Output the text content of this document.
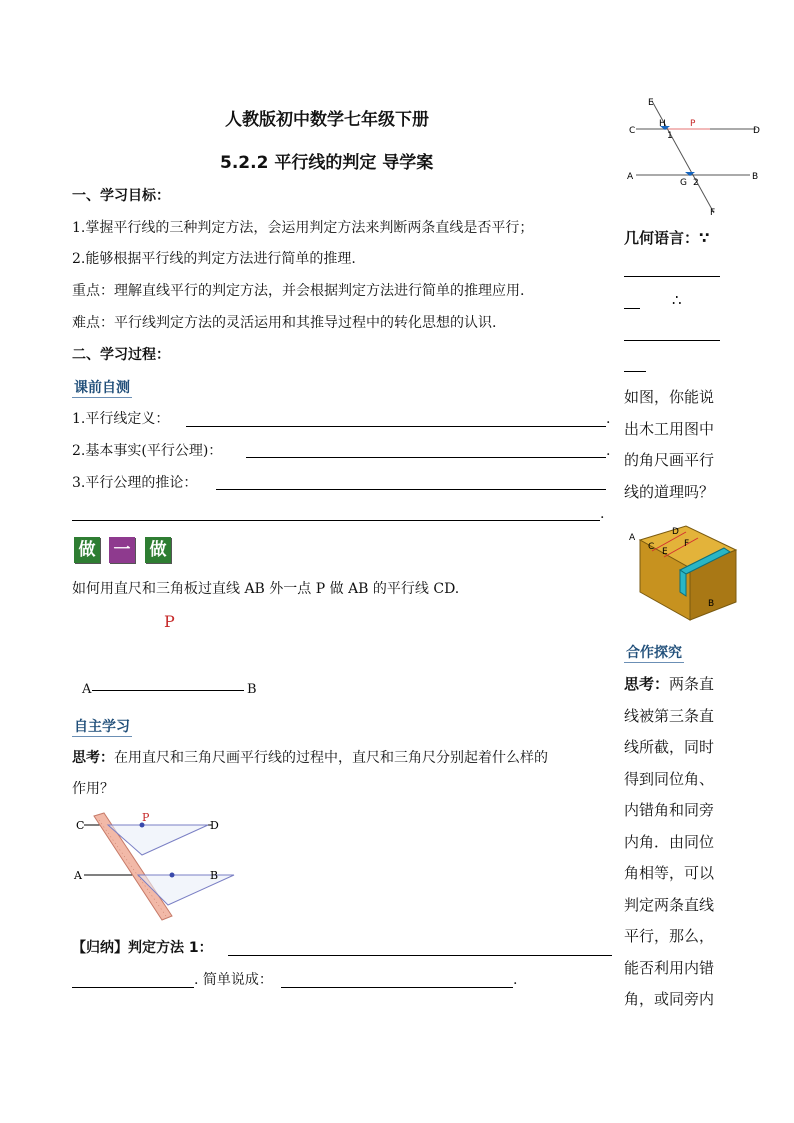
人教版初中数学七年级下册
5.2.2 平行线的判定 导学案
一、学习目标：
1.掌握平行线的三种判定方法，会运用判定方法来判断两条直线是否平行；
2.能够根据平行线的判定方法进行简单的推理.
重点：理解直线平行的判定方法，并会根据判定方法进行简单的推理应用.
难点：平行线判定方法的灵活运用和其推导过程中的转化思想的认识.
二、学习过程：
课前自测
1.平行线定义：	.
2.基本事实(平行公理)：	.
3.平行公理的推论：
.
做 一 做
如何用直尺和三角板过直线 AB 外一点 P 做 AB 的平行线 CD.
P
A	B
自主学习
思考：在用直尺和三角尺画平行线的过程中，直尺和三角尺分别起着什么样的
作用？
C
P
D
A	B
【归纳】判定方法 1：
. 简单说成：	.
E
H
1
P
C	D
A
G 2
B
F
几何语言：∵
∴
如图，你能说出木工用图中的角尺画平行线的道理吗？
A
C
D
E
F
B
合作探究
思考：两条直线被第三条直线所截，同时得到同位角、内错角和同旁内角．由同位角相等，可以判定两条直线平行，那么，能否利用内错角，或同旁内
